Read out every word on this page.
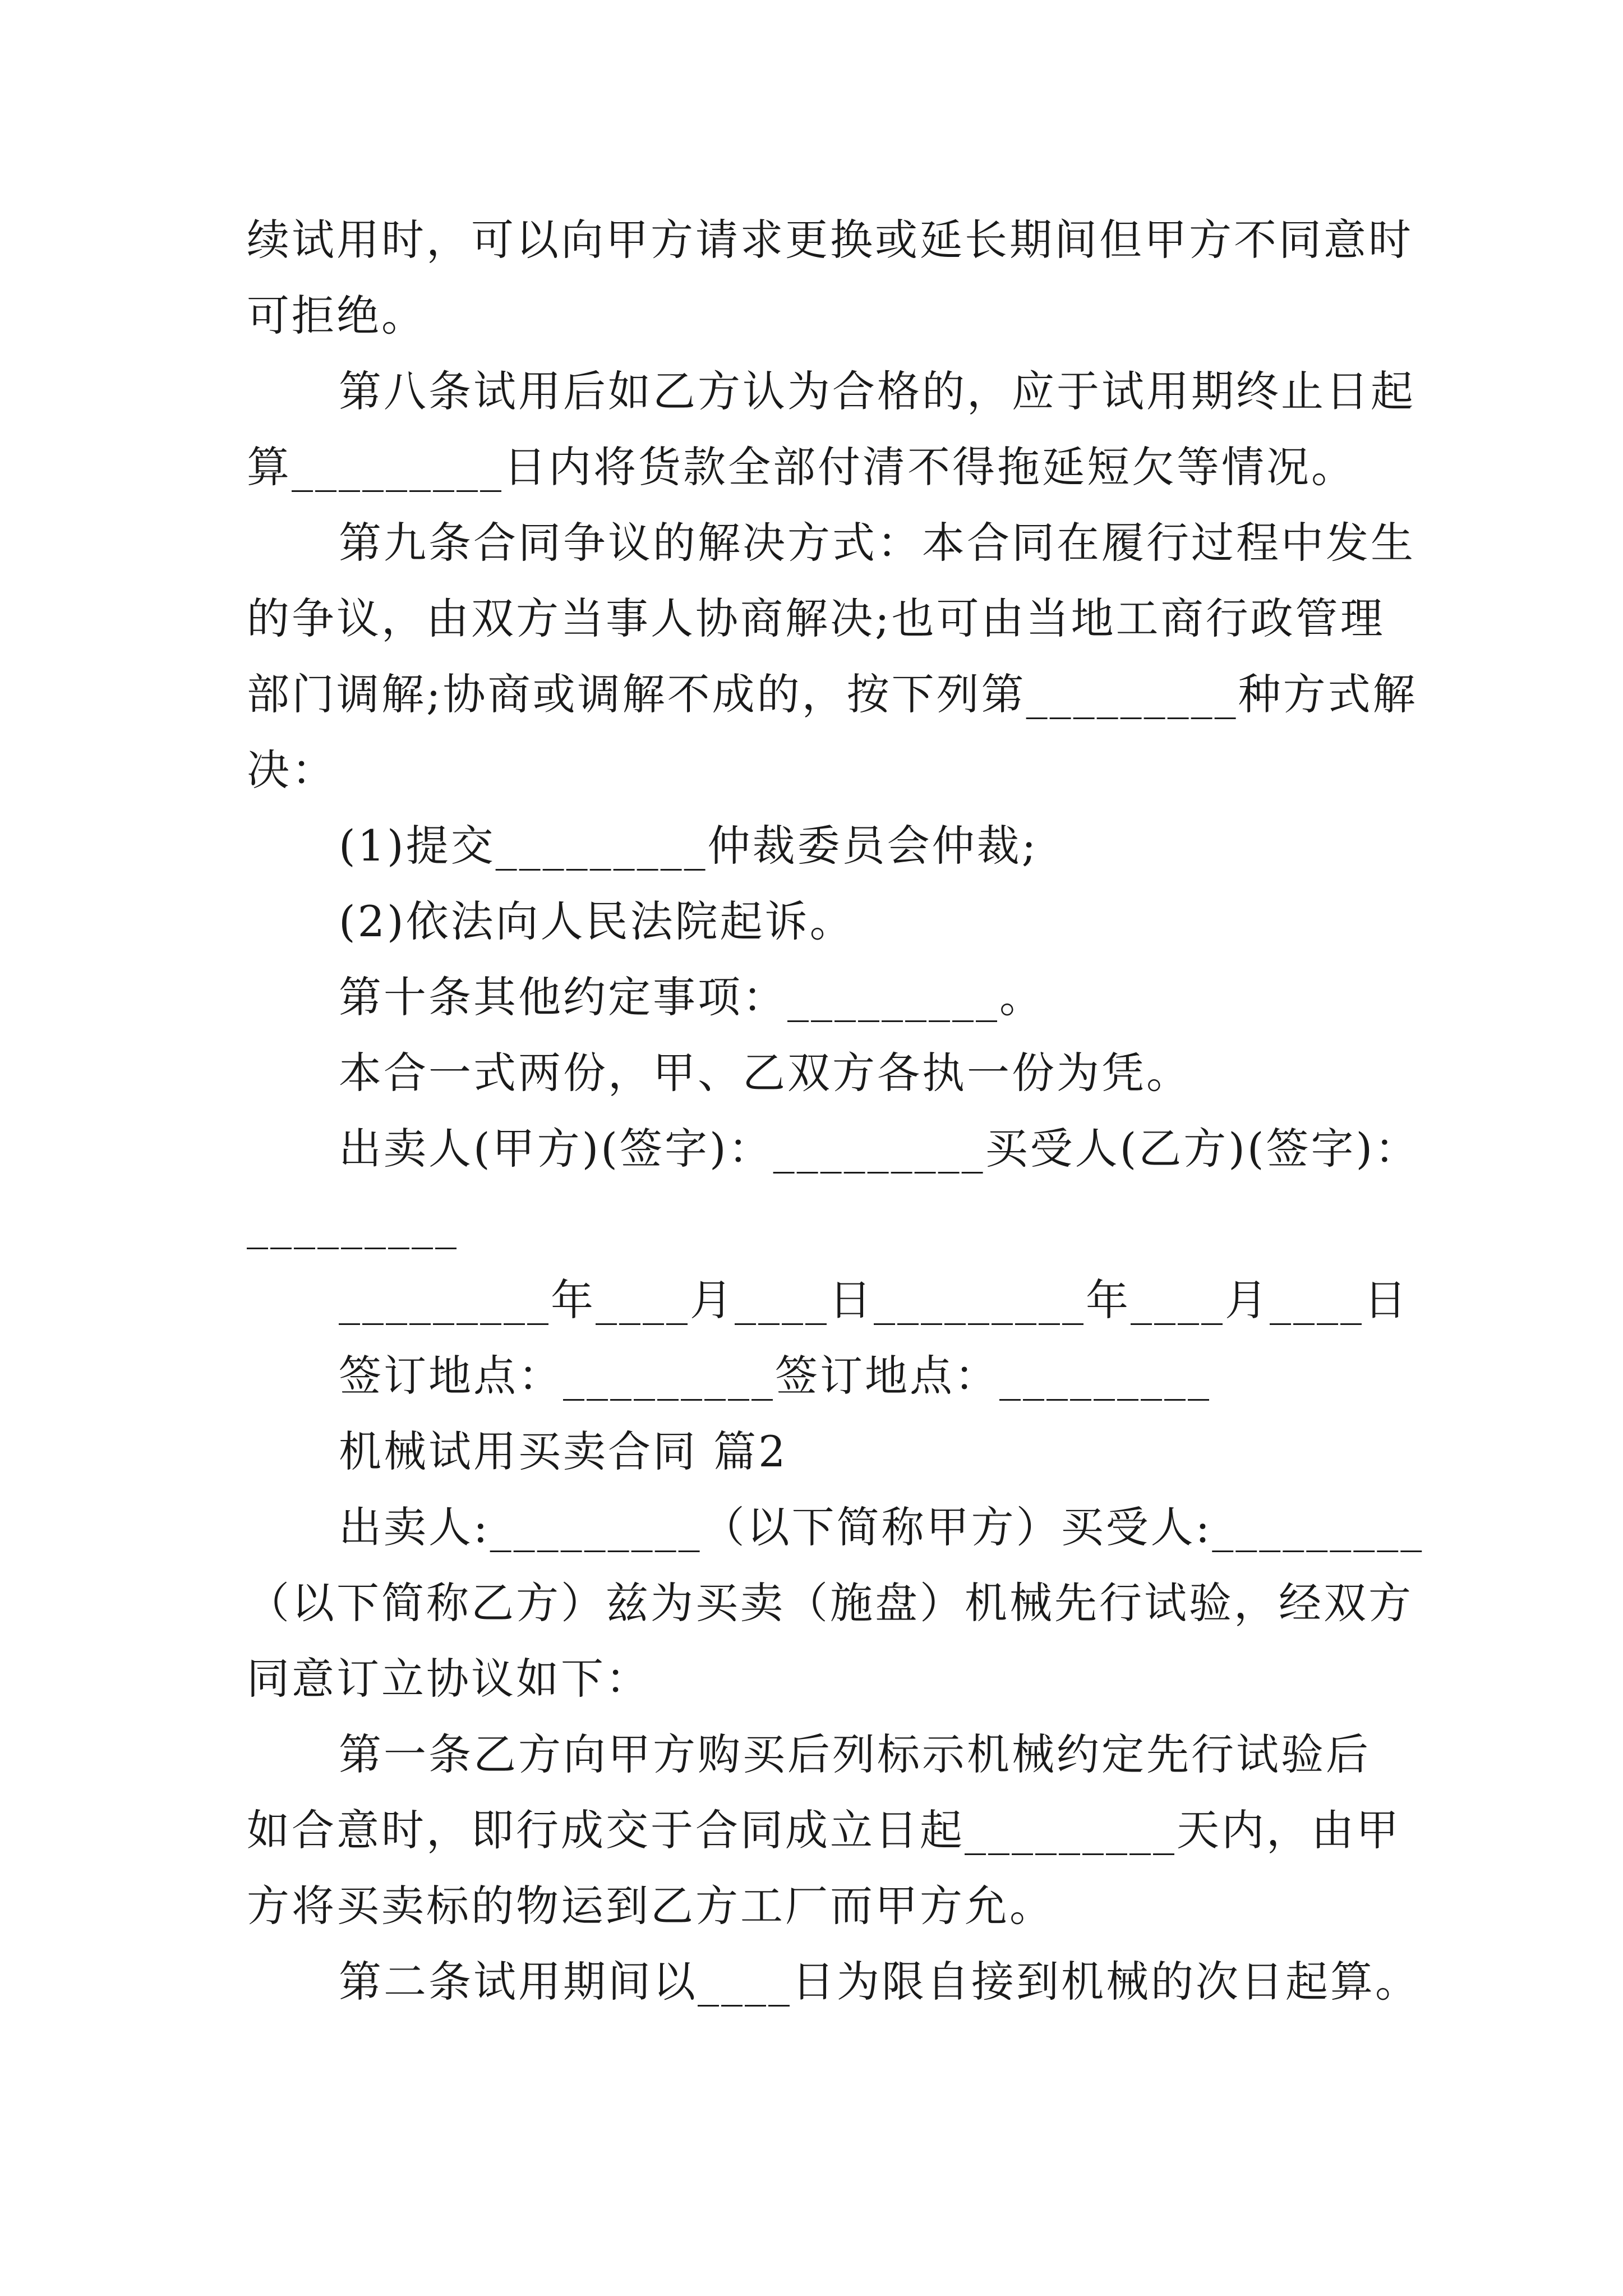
续试用时，可以向甲方请求更换或延长期间但甲方不同意时
可拒绝。
第八条试用后如乙方认为合格的，应于试用期终止日起
算_________日内将货款全部付清不得拖延短欠等情况。
第九条合同争议的解决方式：本合同在履行过程中发生
的争议，由双方当事人协商解决;也可由当地工商行政管理
部门调解;协商或调解不成的，按下列第_________种方式解
决：
(1)提交_________仲裁委员会仲裁;
(2)依法向人民法院起诉。
第十条其他约定事项：_________。
本合一式两份，甲、乙双方各执一份为凭。
出卖人(甲方)(签字)：_________买受人(乙方)(签字)：
_________
_________年____月____日_________年____月____日
签订地点：_________签订地点：_________
机械试用买卖合同 篇2
出卖人:_________（以下简称甲方）买受人:_________
（以下简称乙方）兹为买卖（施盘）机械先行试验，经双方
同意订立协议如下：
第一条乙方向甲方购买后列标示机械约定先行试验后
如合意时，即行成交于合同成立日起_________天内，由甲
方将买卖标的物运到乙方工厂而甲方允。
第二条试用期间以____日为限自接到机械的次日起算。
